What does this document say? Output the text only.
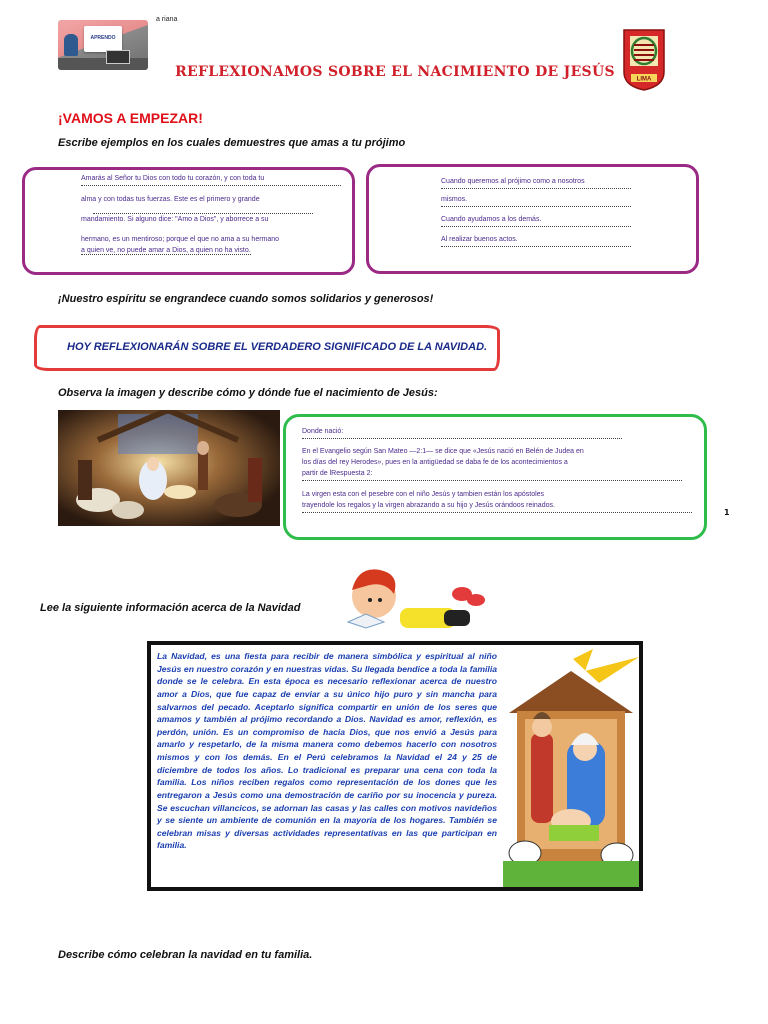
APRENDO
a riana
REFLEXIONAMOS SOBRE EL NACIMIENTO DE JESÚS	LIMA
¡VAMOS A EMPEZAR!
Escribe ejemplos en los cuales demuestres que amas a tu prójimo
Amarás al Señor tu Dios con todo tu corazón, y con toda tu
alma y con todas tus fuerzas. Este es el primero y grande
mandamiento. Si alguno dice: "Amo a Dios", y aborrece a su
hermano, es un mentiroso; porque el que no ama a su hermano
a quien ve, no puede amar a Dios, a quien no ha visto.
Cuando queremos al prójimo como a nosotros
mismos.
Cuando ayudamos a los demás.
Al realizar buenos actos.
¡Nuestro espíritu se engrandece cuando somos solidarios y generosos!
HOY REFLEXIONARÁN SOBRE EL VERDADERO SIGNIFICADO DE LA NAVIDAD.
Observa la imagen y describe cómo y dónde fue el nacimiento de Jesús:
Donde nació:
En el Evangelio según San Mateo —2:1— se dice que «Jesús nació en Belén de Judea en
los días del rey Herodes», pues en la antigüedad se daba fe de los acontecimientos a
partir de lRespuesta 2:
La virgen esta con el pesebre con el niño Jesús y tambien están los apóstoles
trayendole los regalos y la virgen abrazando a su hijo y Jesús orándoos reinados.
1
Lee la siguiente información acerca de la Navidad
La Navidad, es una fiesta para recibir de manera simbólica y espiritual al niño Jesús en nuestro corazón y en nuestras vidas. Su llegada bendice a toda la familia donde se le celebra. En esta época es necesario reflexionar acerca de nuestro amor a Dios, que fue capaz de enviar a su único hijo puro y sin mancha para salvarnos del pecado. Aceptarlo significa compartir en unión de los seres que amamos y también al prójimo recordando a Dios. Navidad es amor, reflexión, es perdón, unión. Es un compromiso de hacia Dios, que nos envió a Jesús para amarlo y respetarlo, de la misma manera como debemos hacerlo con nosotros mismos y con los demás. En el Perú celebramos la Navidad el 24 y 25 de diciembre de todos los años. Lo tradicional es preparar una cena con toda la familia. Los niños reciben regalos como representación de los dones que les entregaron a Jesús como una demostración de cariño por su inocencia y pureza. Se escuchan villancicos, se adornan las casas y las calles con motivos navideños y se siente un ambiente de comunión en la mayoría de los hogares. También se celebran misas y diversas actividades representativas en las que participan en familia.
Describe cómo celebran la navidad en tu familia.
